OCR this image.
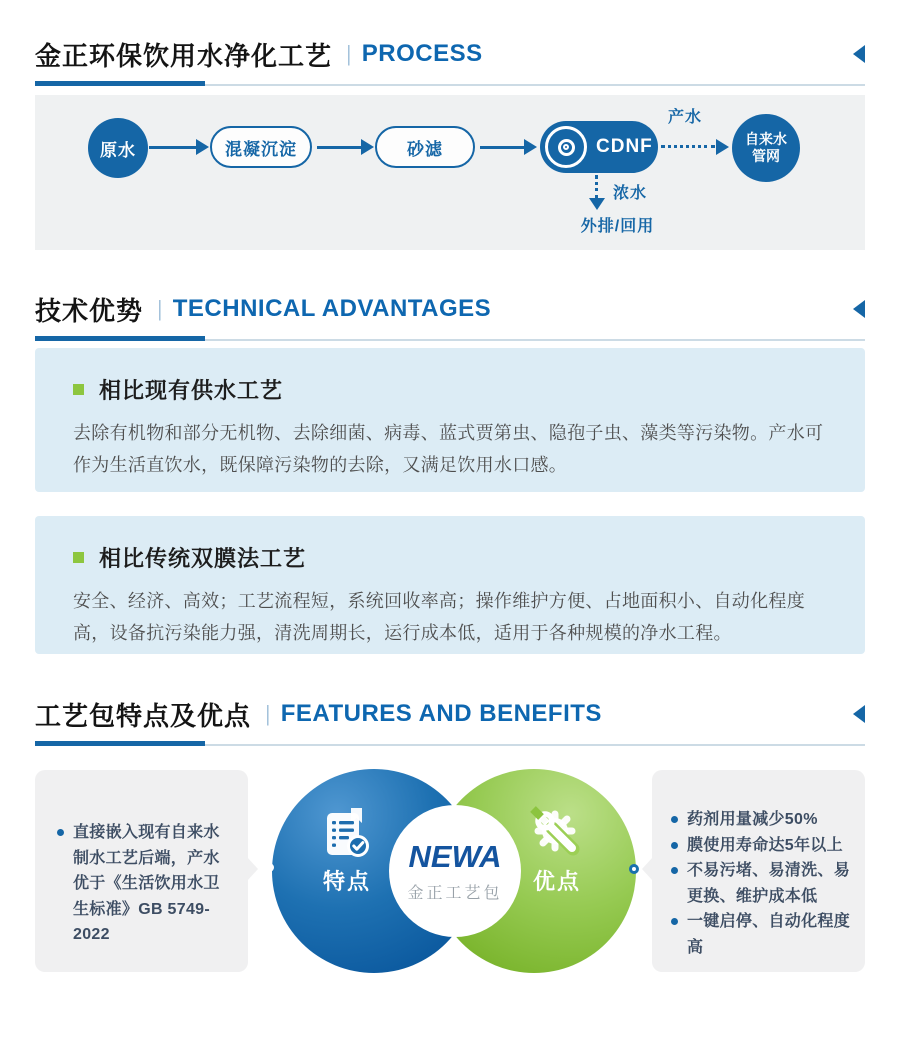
金正环保饮用水净化工艺 | PROCESS
原水	混凝沉淀	砂滤	CDNF
产水
自来水管网
浓水
外排/回用
技术优势 | TECHNICAL ADVANTAGES
相比现有供水工艺
去除有机物和部分无机物、去除细菌、病毒、蓝式贾第虫、隐孢子虫、藻类等污染物。产水可作为生活直饮水，既保障污染物的去除，又满足饮用水口感。
相比传统双膜法工艺
安全、经济、高效；工艺流程短，系统回收率高；操作维护方便、占地面积小、自动化程度高，设备抗污染能力强，清洗周期长，运行成本低，适用于各种规模的净水工程。
工艺包特点及优点 | FEATURES AND BENEFITS
直接嵌入现有自来水制水工艺后端，产水优于《生活饮用水卫生标准》GB 5749-2022
特点	优点
NEWA
金正工艺包
药剂用量减少50%
膜使用寿命达5年以上
不易污堵、易清洗、易更换、维护成本低
一键启停、自动化程度高
